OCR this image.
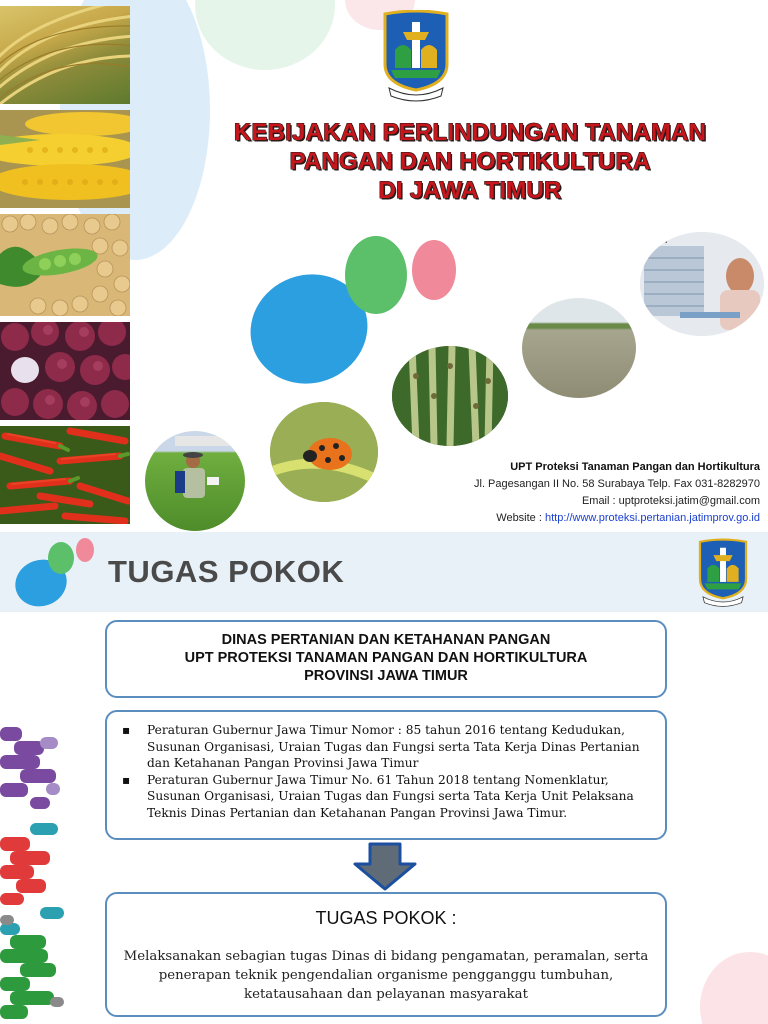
KEBIJAKAN PERLINDUNGAN TANAMAN
PANGAN DAN HORTIKULTURA
DI JAWA TIMUR
LOW
UPT Proteksi Tanaman Pangan dan Hortikultura
Jl. Pagesangan II No. 58 Surabaya Telp. Fax 031-8282970
Email : uptproteksi.jatim@gmail.com
Website : http://www.proteksi.pertanian.jatimprov.go.id
TUGAS POKOK
DINAS PERTANIAN DAN KETAHANAN PANGAN
UPT PROTEKSI TANAMAN PANGAN DAN HORTIKULTURA
PROVINSI JAWA TIMUR
▪ Peraturan Gubernur Jawa Timur Nomor : 85 tahun 2016 tentang Kedudukan, Susunan Organisasi, Uraian Tugas dan Fungsi serta Tata Kerja Dinas Pertanian dan Ketahanan Pangan Provinsi Jawa Timur
▪ Peraturan Gubernur Jawa Timur No. 61 Tahun 2018 tentang Nomenklatur, Susunan Organisasi, Uraian Tugas dan Fungsi serta Tata Kerja Unit Pelaksana Teknis Dinas Pertanian dan Ketahanan Pangan Provinsi Jawa Timur.
TUGAS POKOK :
Melaksanakan sebagian tugas Dinas di bidang pengamatan, peramalan, serta penerapan teknik pengendalian organisme pengganggu tumbuhan, ketatausahaan dan pelayanan masyarakat
